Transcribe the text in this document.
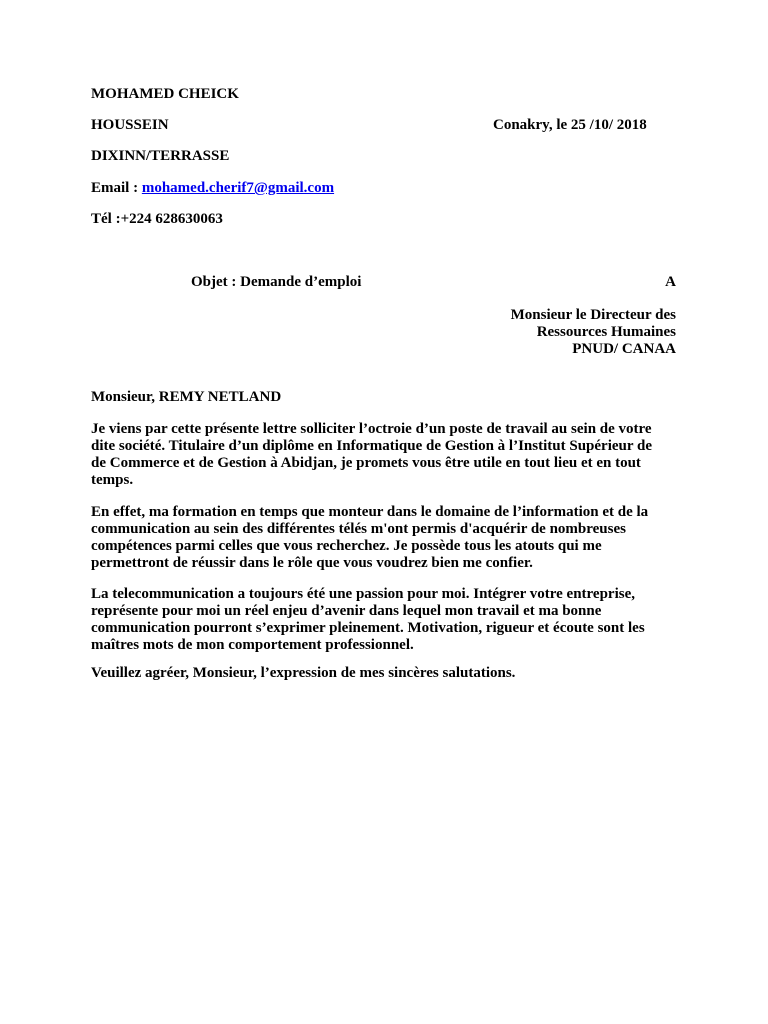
MOHAMED CHEICK
HOUSSEIN	Conakry, le 25 /10/ 2018
DIXINN/TERRASSE
Email : mohamed.cherif7@gmail.com
Tél :+224 628630063
Objet : Demande d’emploi	A
Monsieur le Directeur des
Ressources Humaines
PNUD/ CANAA
Monsieur, REMY NETLAND
Je viens par cette présente lettre solliciter l’octroie d’un poste de travail au sein de votre
dite société. Titulaire d’un diplôme en Informatique de Gestion à l’Institut Supérieur de
de Commerce et de Gestion à Abidjan, je promets vous être utile en tout lieu et en tout
temps.
En effet, ma formation en temps que monteur dans le domaine de l’information et de la
communication au sein des différentes télés m'ont permis d'acquérir de nombreuses
compétences parmi celles que vous recherchez. Je possède tous les atouts qui me
permettront de réussir dans le rôle que vous voudrez bien me confier.
La telecommunication a toujours été une passion pour moi. Intégrer votre entreprise,
représente pour moi un réel enjeu d’avenir dans lequel mon travail et ma bonne
communication pourront s’exprimer pleinement. Motivation, rigueur et écoute sont les
maîtres mots de mon comportement professionnel.
Veuillez agréer, Monsieur, l’expression de mes sincères salutations.
